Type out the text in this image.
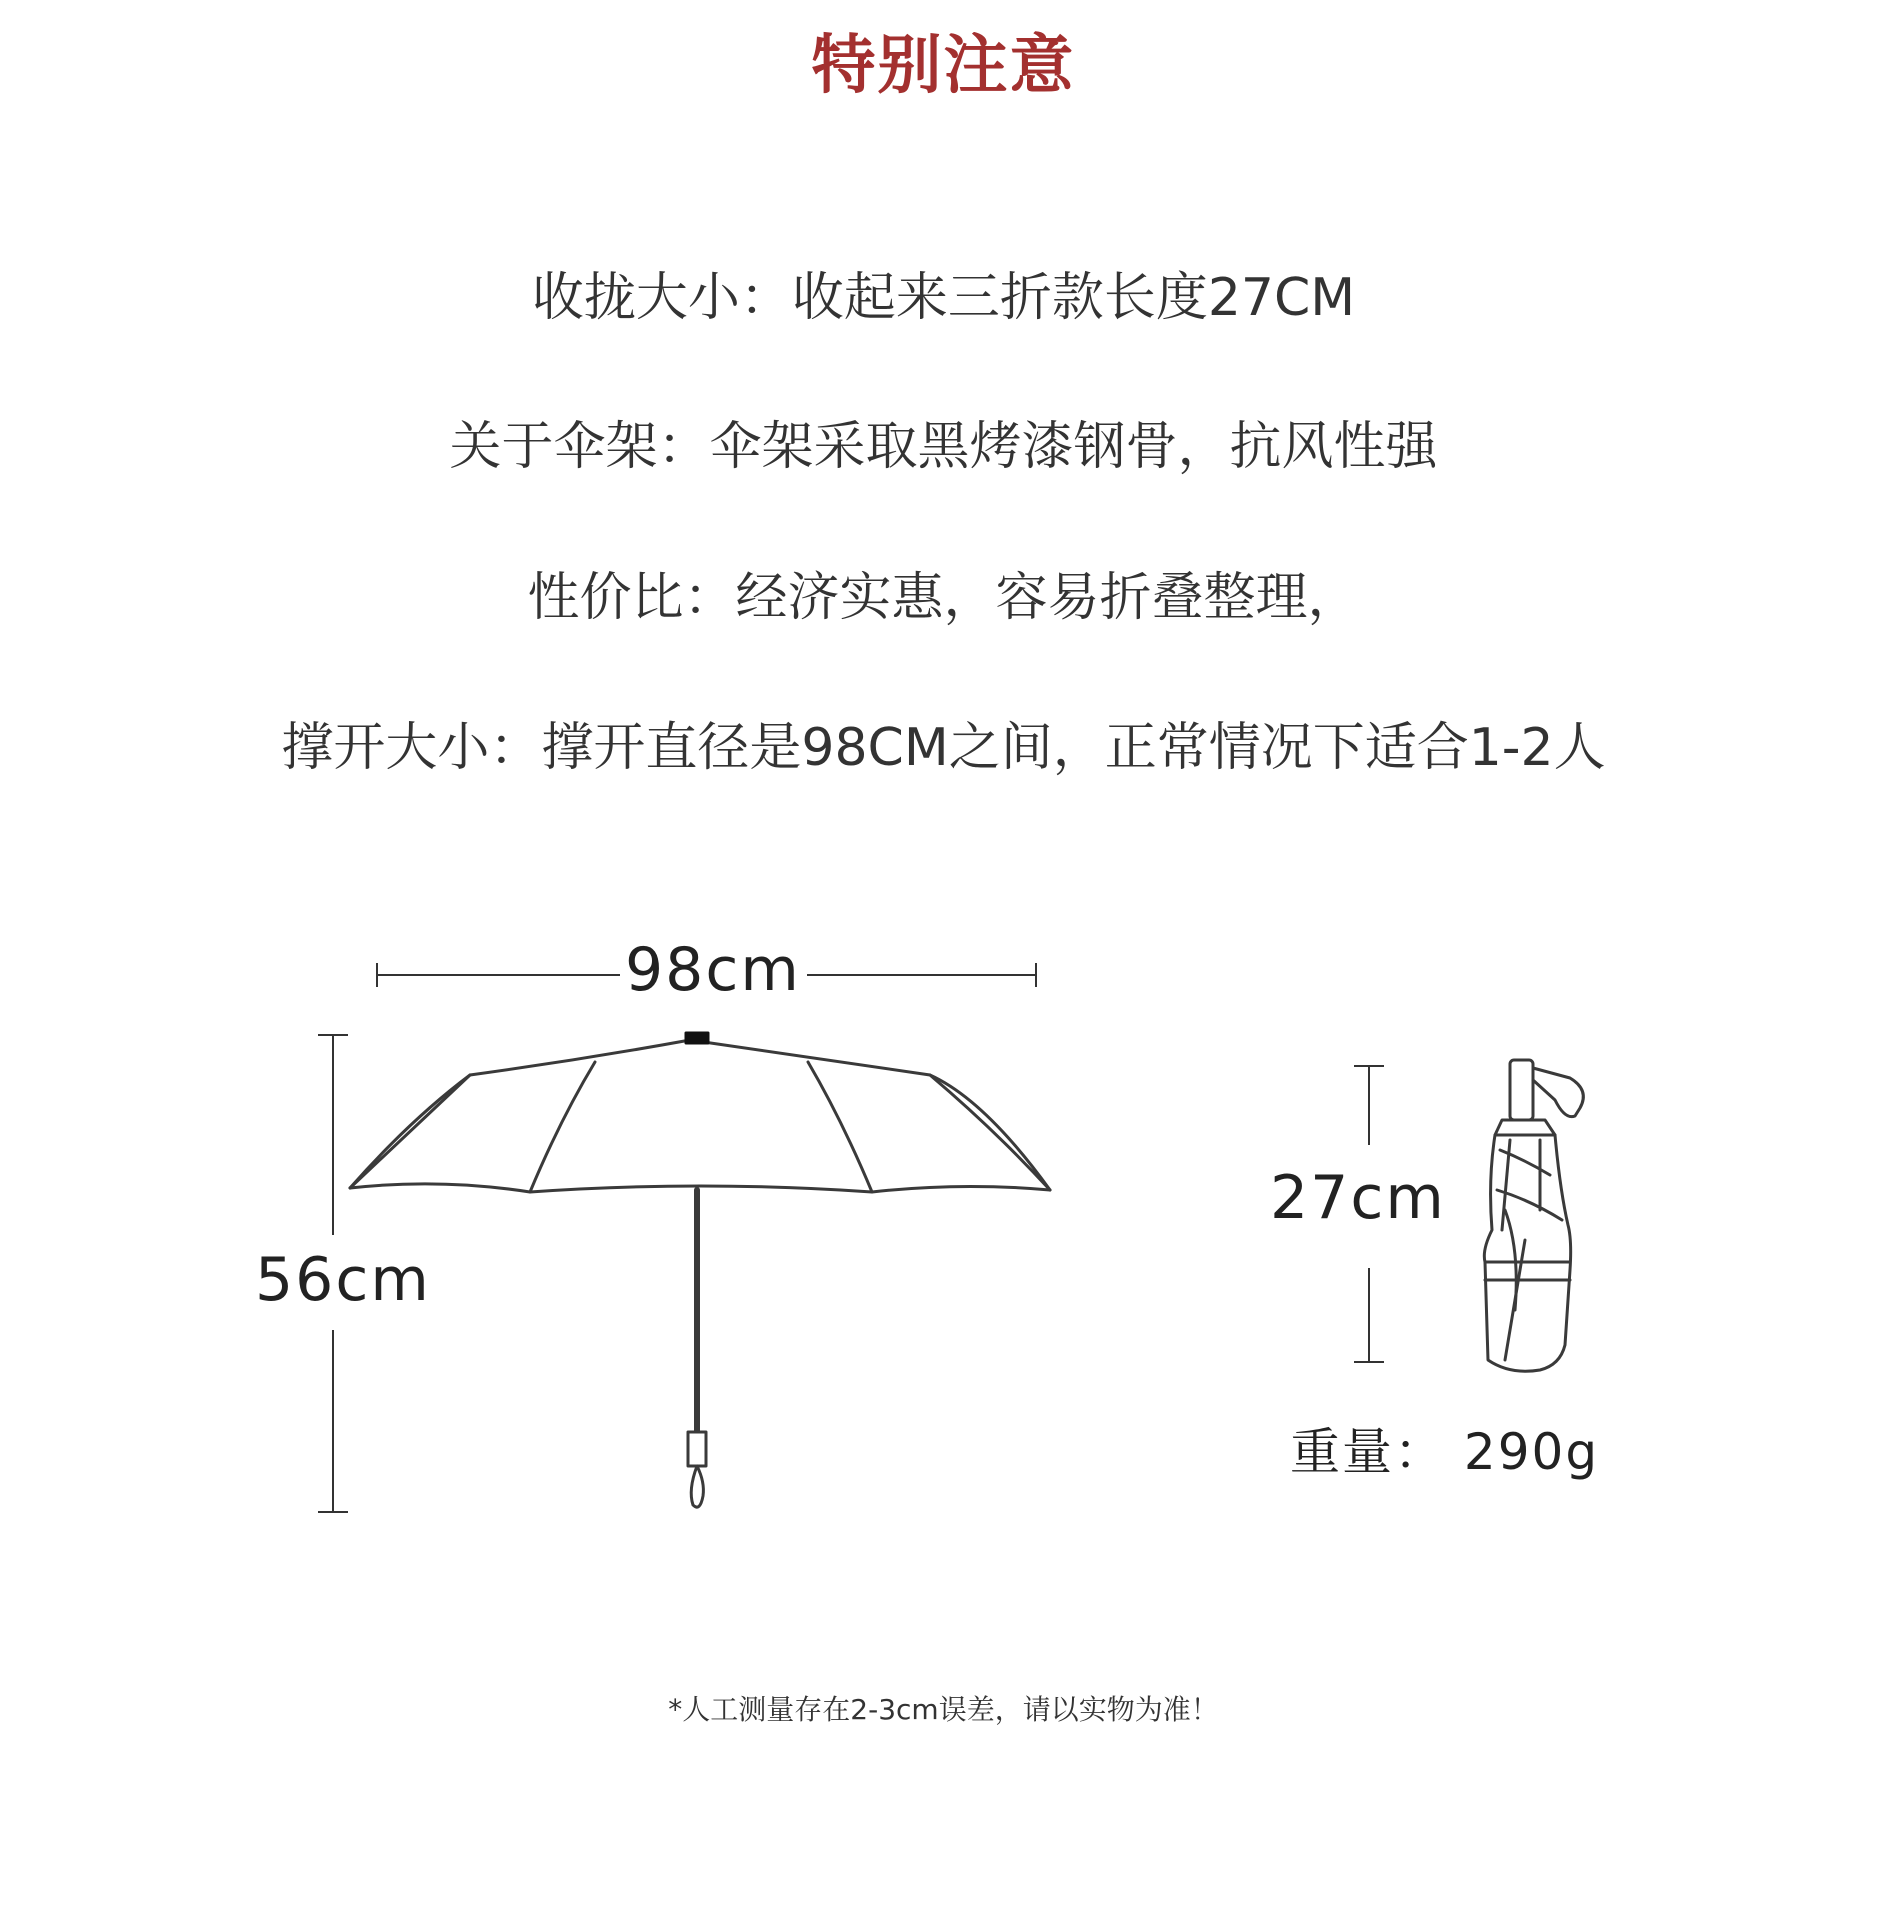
特别注意
收拢大小：收起来三折款长度27CM
关于伞架：伞架采取黑烤漆钢骨，抗风性强
性价比：经济实惠，容易折叠整理，
撑开大小：撑开直径是98CM之间，正常情况下适合1-2人
98cm
56cm
27cm
重量： 290g
*人工测量存在2-3cm误差，请以实物为准！
